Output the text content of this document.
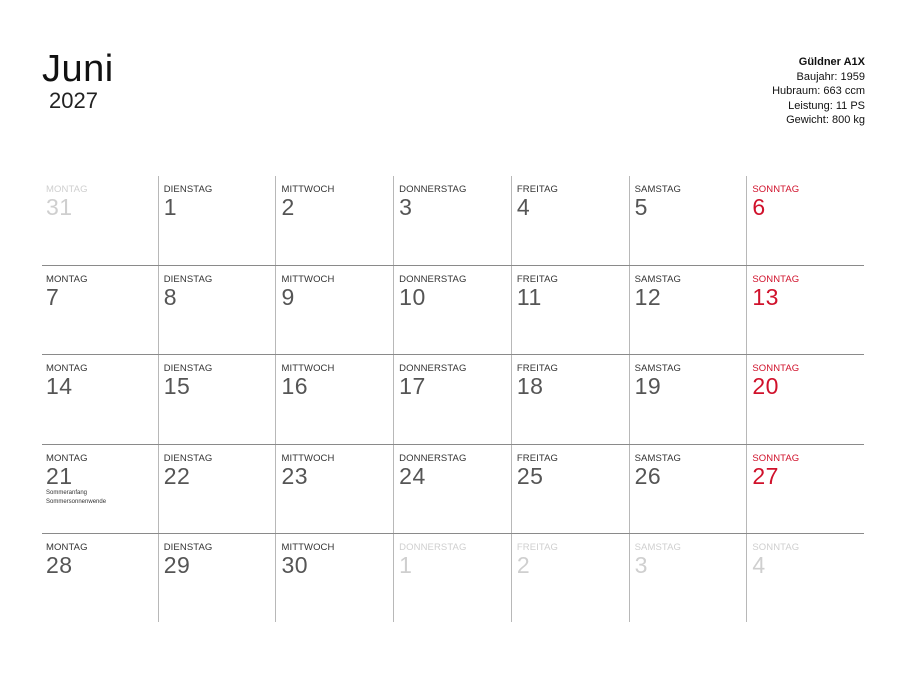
Juni
2027
Güldner A1X
Baujahr: 1959
Hubraum: 663 ccm
Leistung: 11 PS
Gewicht: 800 kg
MONTAG
31
DIENSTAG
1
MITTWOCH
2
DONNERSTAG
3
FREITAG
4
SAMSTAG
5
SONNTAG
6
MONTAG
7
DIENSTAG
8
MITTWOCH
9
DONNERSTAG
10
FREITAG
11
SAMSTAG
12
SONNTAG
13
MONTAG
14
DIENSTAG
15
MITTWOCH
16
DONNERSTAG
17
FREITAG
18
SAMSTAG
19
SONNTAG
20
MONTAG
21
Sommeranfang
Sommersonnenwende
DIENSTAG
22
MITTWOCH
23
DONNERSTAG
24
FREITAG
25
SAMSTAG
26
SONNTAG
27
MONTAG
28
DIENSTAG
29
MITTWOCH
30
DONNERSTAG
1
FREITAG
2
SAMSTAG
3
SONNTAG
4
